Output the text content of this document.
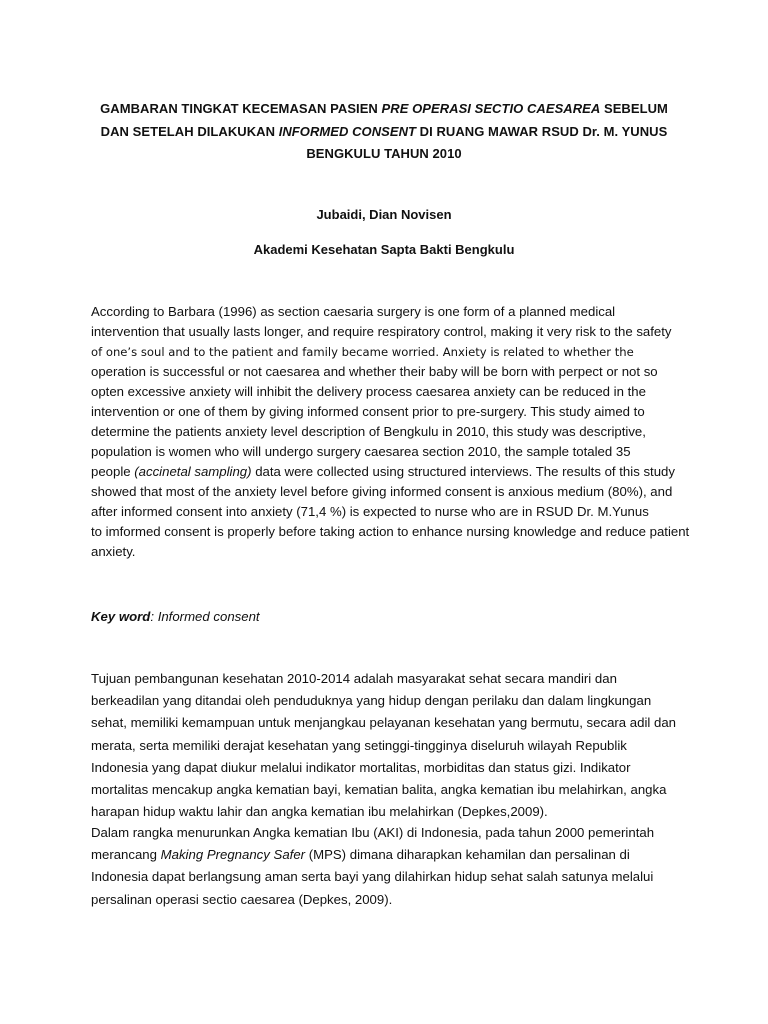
GAMBARAN TINGKAT KECEMASAN PASIEN PRE OPERASI SECTIO CAESAREA SEBELUM
DAN SETELAH DILAKUKAN INFORMED CONSENT DI RUANG MAWAR RSUD Dr. M. YUNUS
BENGKULU TAHUN 2010
Jubaidi, Dian Novisen
Akademi Kesehatan Sapta Bakti Bengkulu
According to Barbara (1996) as section caesaria surgery is one form of a planned medical
intervention that usually lasts longer, and require respiratory control, making it very risk to the safety
of one’s soul and to the patient and family became worried. Anxiety is related to whether the
operation is successful or not caesarea and whether their baby will be born with perpect or not so
opten excessive anxiety will inhibit the delivery process caesarea anxiety can be reduced in the
intervention or one of them by giving informed consent prior to pre-surgery. This study aimed to
determine the patients anxiety level description of Bengkulu in 2010, this study was descriptive,
population is women who will undergo surgery caesarea section 2010, the sample totaled 35
people (accinetal sampling) data were collected using structured interviews. The results of this study
showed that most of the anxiety level before giving informed consent is anxious medium (80%), and
after informed consent into anxiety (71,4 %) is expected to nurse who are in RSUD Dr. M.Yunus
to imformed consent is properly before taking action to enhance nursing knowledge and reduce patient
anxiety.
Key word: Informed consent
Tujuan pembangunan kesehatan 2010-2014 adalah masyarakat sehat secara mandiri dan
berkeadilan yang ditandai oleh penduduknya yang hidup dengan perilaku dan dalam lingkungan
sehat, memiliki kemampuan untuk menjangkau pelayanan kesehatan yang bermutu, secara adil dan
merata, serta memiliki derajat kesehatan yang setinggi-tingginya diseluruh wilayah Republik
Indonesia yang dapat diukur melalui indikator mortalitas, morbiditas dan status gizi. Indikator
mortalitas mencakup angka kematian bayi, kematian balita, angka kematian ibu melahirkan, angka
harapan hidup waktu lahir dan angka kematian ibu melahirkan (Depkes,2009).
Dalam rangka menurunkan Angka kematian Ibu (AKI) di Indonesia, pada tahun 2000 pemerintah
merancang Making Pregnancy Safer (MPS) dimana diharapkan kehamilan dan persalinan di
Indonesia dapat berlangsung aman serta bayi yang dilahirkan hidup sehat salah satunya melalui
persalinan operasi sectio caesarea (Depkes, 2009).
